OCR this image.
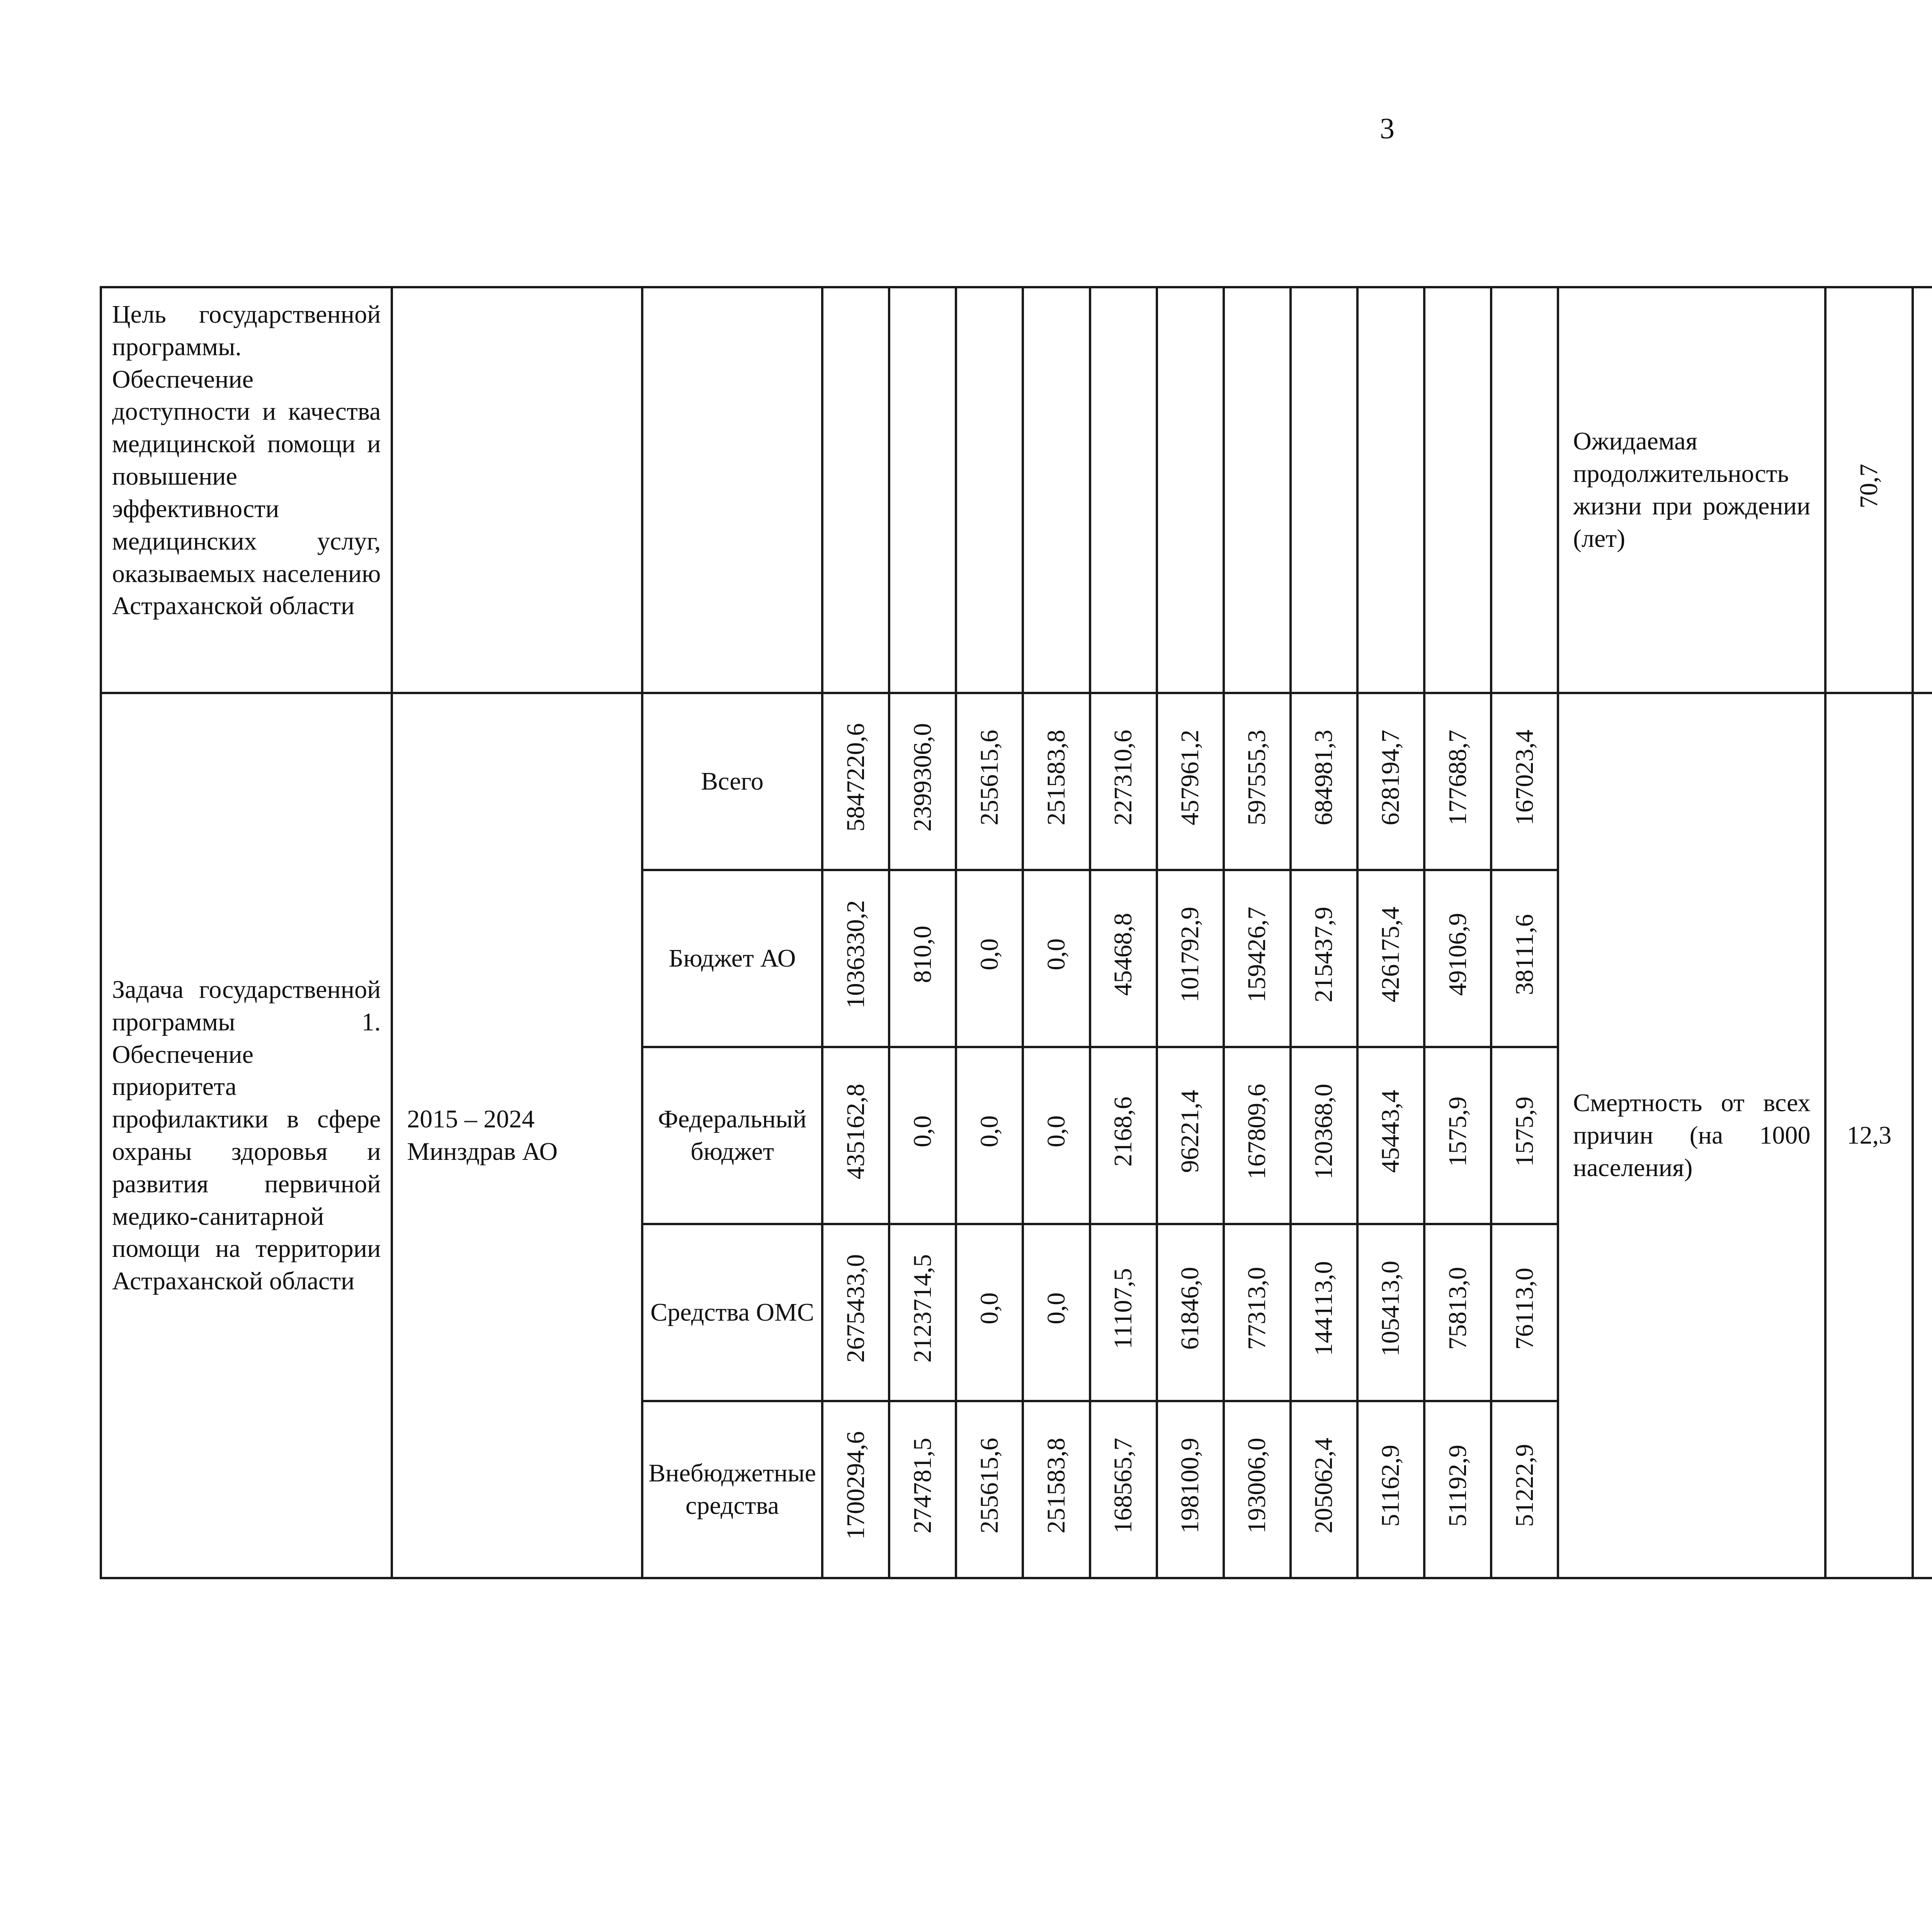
3
Цель государственной программы. Обеспечение доступности и качества медицинской помощи и повышение эффективности медицинских услуг, оказываемых населению Астраханской области														Ожидаемая продолжительность жизни при рождении (лет)	70,7										
Задача государственной программы 1. Обеспечение приоритета профилактики в сфере охраны здоровья и развития первичной медико-санитарной помощи на территории Астраханской области	2015 – 2024 Минздрав АО	Всего	5847220,6	2399306,0	255615,6	251583,8	227310,6	457961,2	597555,3	684981,3	628194,7	177688,7	167023,4	Смертность от всех причин (на 1000 населения)	12,3										
		Бюджет АО	1036330,2	810,0	0,0	0,0	45468,8	101792,9	159426,7	215437,9	426175,4	49106,9	38111,6												
		Федеральный бюджет	435162,8	0,0	0,0	0,0	2168,6	96221,4	167809,6	120368,0	45443,4	1575,9	1575,9												
		Средства ОМС	2675433,0	2123714,5	0,0	0,0	11107,5	61846,0	77313,0	144113,0	105413,0	75813,0	76113,0												
		Внебюджетные средства	1700294,6	274781,5	255615,6	251583,8	168565,7	198100,9	193006,0	205062,4	51162,9	51192,9	51222,9												
